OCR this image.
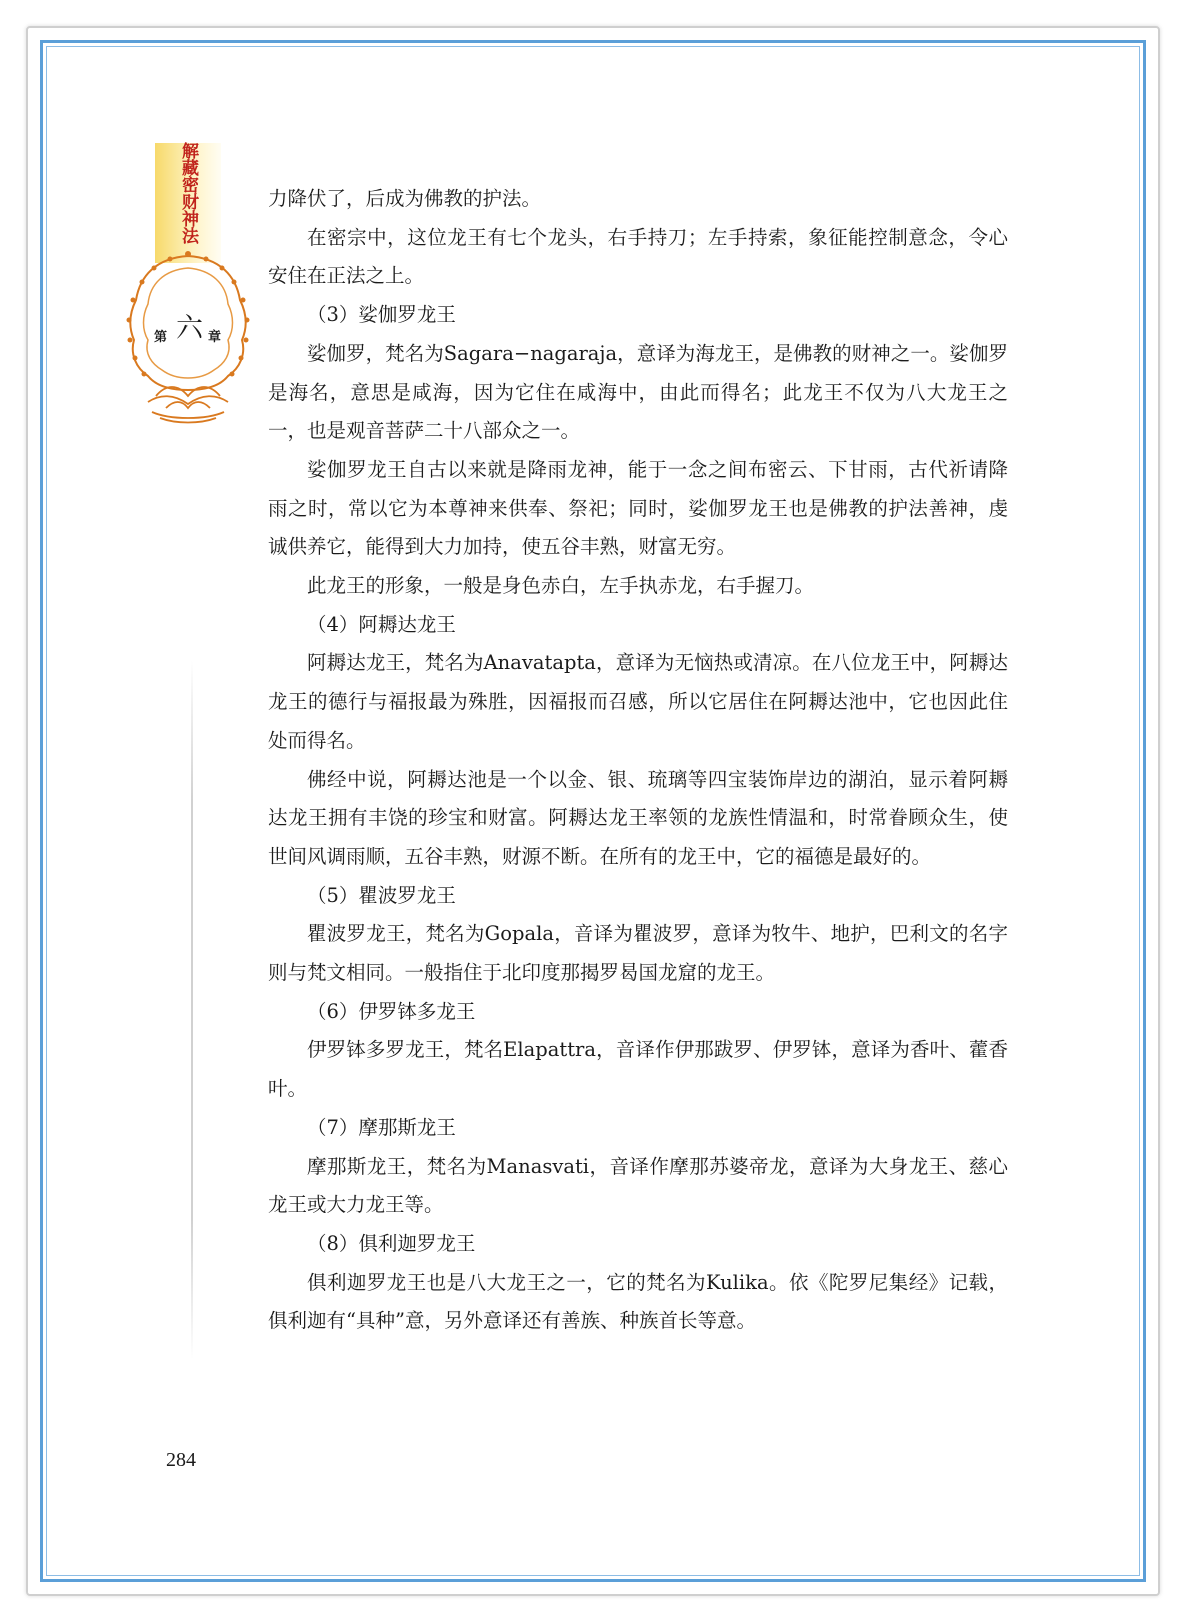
解藏密财神法
第 六 章

力降伏了，后成为佛教的护法。

在密宗中，这位龙王有七个龙头，右手持刀；左手持索，象征能控制意念，令心安住在正法之上。

（3）娑伽罗龙王

娑伽罗，梵名为Sagara−nagaraja，意译为海龙王，是佛教的财神之一。娑伽罗是海名，意思是咸海，因为它住在咸海中，由此而得名；此龙王不仅为八大龙王之一，也是观音菩萨二十八部众之一。

娑伽罗龙王自古以来就是降雨龙神，能于一念之间布密云、下甘雨，古代祈请降雨之时，常以它为本尊神来供奉、祭祀；同时，娑伽罗龙王也是佛教的护法善神，虔诚供养它，能得到大力加持，使五谷丰熟，财富无穷。

此龙王的形象，一般是身色赤白，左手执赤龙，右手握刀。

（4）阿耨达龙王

阿耨达龙王，梵名为Anavatapta，意译为无恼热或清凉。在八位龙王中，阿耨达龙王的德行与福报最为殊胜，因福报而召感，所以它居住在阿耨达池中，它也因此住处而得名。

佛经中说，阿耨达池是一个以金、银、琉璃等四宝装饰岸边的湖泊，显示着阿耨达龙王拥有丰饶的珍宝和财富。阿耨达龙王率领的龙族性情温和，时常眷顾众生，使世间风调雨顺，五谷丰熟，财源不断。在所有的龙王中，它的福德是最好的。

（5）瞿波罗龙王

瞿波罗龙王，梵名为Gopala，音译为瞿波罗，意译为牧牛、地护，巴利文的名字则与梵文相同。一般指住于北印度那揭罗曷国龙窟的龙王。

（6）伊罗钵多龙王

伊罗钵多罗龙王，梵名Elapattra，音译作伊那跋罗、伊罗钵，意译为香叶、藿香叶。

（7）摩那斯龙王

摩那斯龙王，梵名为Manasvati，音译作摩那苏婆帝龙，意译为大身龙王、慈心龙王或大力龙王等。

（8）俱利迦罗龙王

俱利迦罗龙王也是八大龙王之一，它的梵名为Kulika。依《陀罗尼集经》记载，俱利迦有“具种”意，另外意译还有善族、种族首长等意。

284
